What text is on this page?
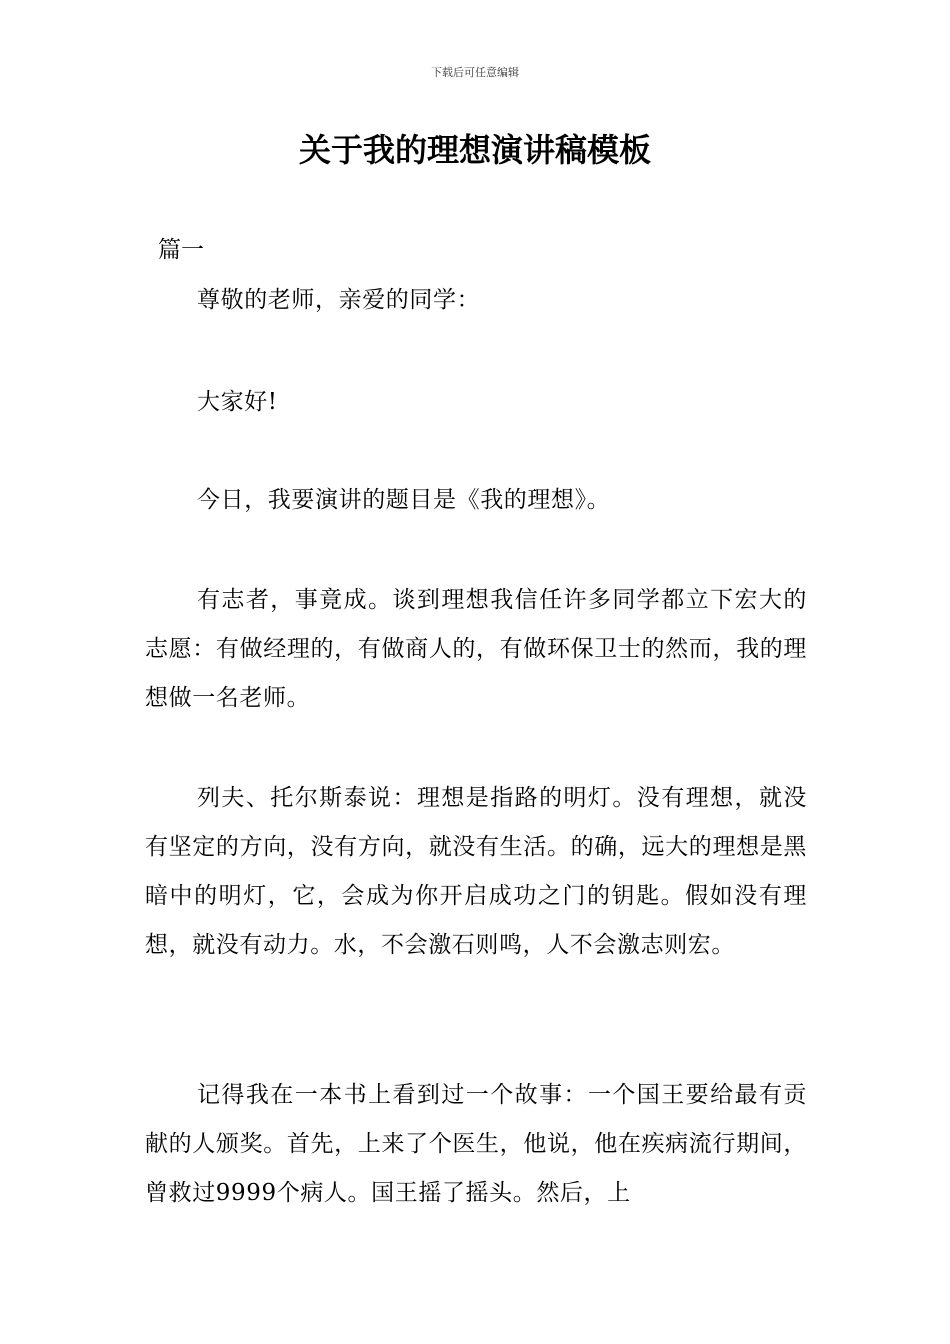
下载后可任意编辑
关于我的理想演讲稿模板

篇一

尊敬的老师，亲爱的同学：

大家好!

今日，我要演讲的题目是《我的理想》。

有志者，事竟成。谈到理想我信任许多同学都立下宏大的志愿：有做经理的，有做商人的，有做环保卫士的然而，我的理想做一名老师。

列夫、托尔斯泰说：理想是指路的明灯。没有理想，就没有坚定的方向，没有方向，就没有生活。的确，远大的理想是黑暗中的明灯，它，会成为你开启成功之门的钥匙。假如没有理想，就没有动力。水，不会激石则鸣，人不会激志则宏。

记得我在一本书上看到过一个故事：一个国王要给最有贡献的人颁奖。首先，上来了个医生，他说，他在疾病流行期间，曾救过9999个病人。国王摇了摇头。然后，上
